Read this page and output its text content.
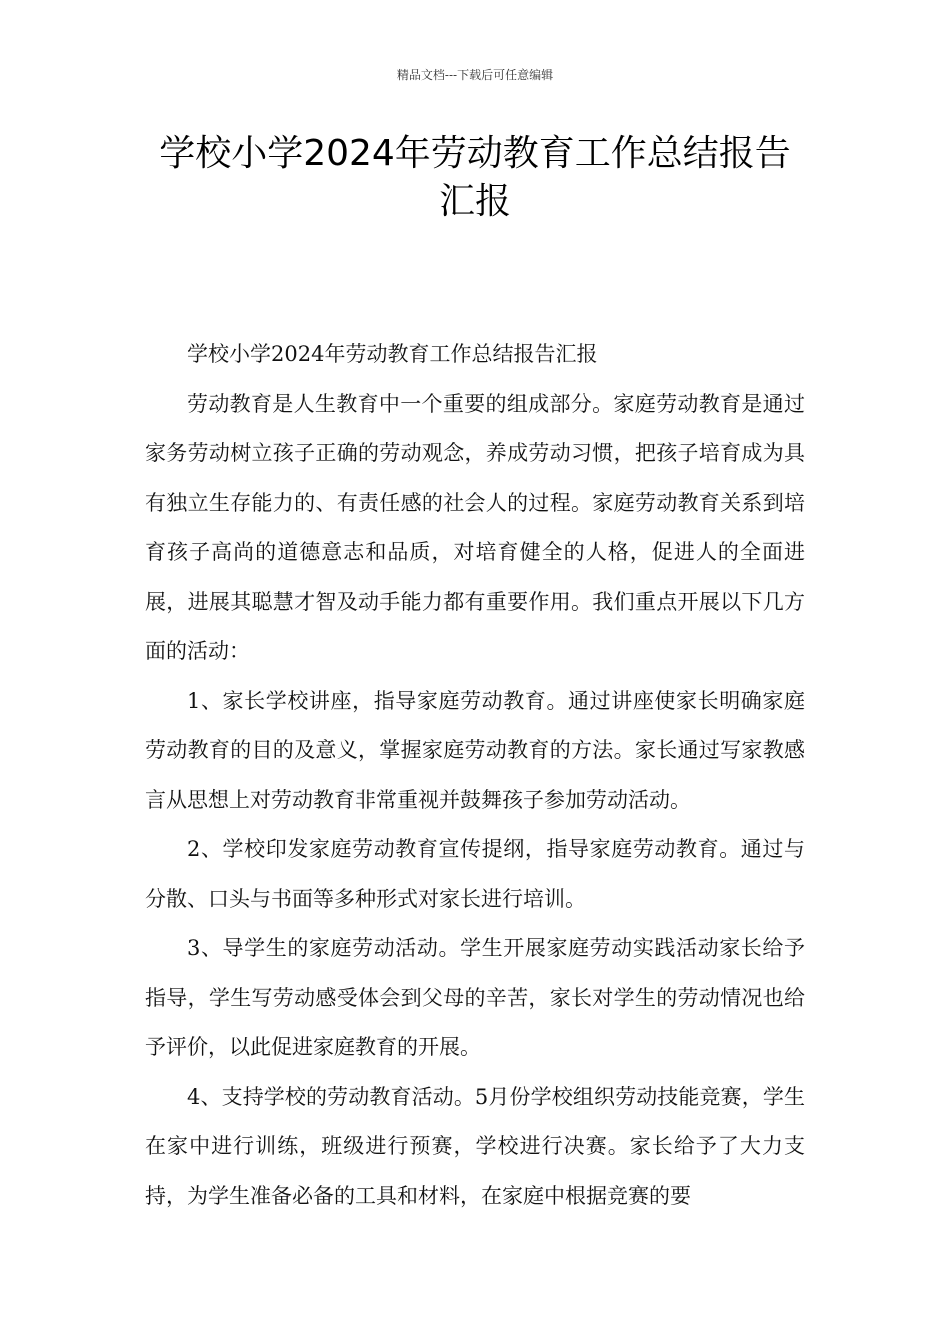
精品文档---下载后可任意编辑
学校小学2024年劳动教育工作总结报告汇报

学校小学2024年劳动教育工作总结报告汇报

劳动教育是人生教育中一个重要的组成部分。家庭劳动教育是通过家务劳动树立孩子正确的劳动观念，养成劳动习惯，把孩子培育成为具有独立生存能力的、有责任感的社会人的过程。家庭劳动教育关系到培育孩子高尚的道德意志和品质，对培育健全的人格，促进人的全面进展，进展其聪慧才智及动手能力都有重要作用。我们重点开展以下几方面的活动：

1、家长学校讲座，指导家庭劳动教育。通过讲座使家长明确家庭劳动教育的目的及意义，掌握家庭劳动教育的方法。家长通过写家教感言从思想上对劳动教育非常重视并鼓舞孩子参加劳动活动。

2、学校印发家庭劳动教育宣传提纲，指导家庭劳动教育。通过与分散、口头与书面等多种形式对家长进行培训。

3、导学生的家庭劳动活动。学生开展家庭劳动实践活动家长给予指导，学生写劳动感受体会到父母的辛苦，家长对学生的劳动情况也给予评价，以此促进家庭教育的开展。

4、支持学校的劳动教育活动。5月份学校组织劳动技能竞赛，学生在家中进行训练，班级进行预赛，学校进行决赛。家长给予了大力支持，为学生准备必备的工具和材料，在家庭中根据竞赛的要
